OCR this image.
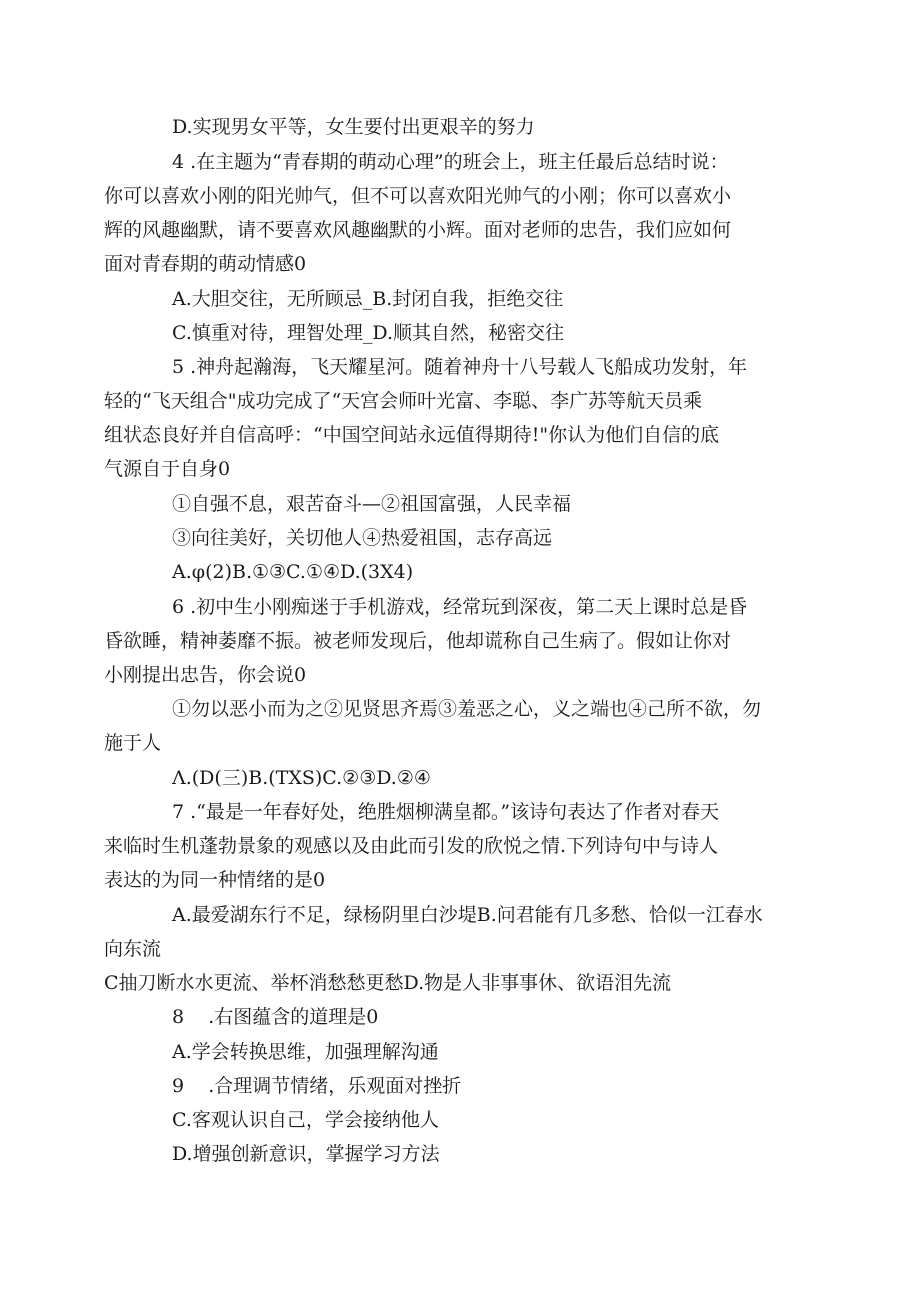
D.实现男女平等，女生要付出更艰辛的努力
4 .在主题为“青春期的萌动心理”的班会上，班主任最后总结时说：
你可以喜欢小刚的阳光帅气，但不可以喜欢阳光帅气的小刚；你可以喜欢小
辉的风趣幽默，请不要喜欢风趣幽默的小辉。面对老师的忠告，我们应如何
面对青春期的萌动情感0
A.大胆交往，无所顾忌_B.封闭自我，拒绝交往
C.慎重对待，理智处理_D.顺其自然，秘密交往
5 .神舟起瀚海，飞天耀星河。随着神舟十八号载人飞船成功发射，年
轻的“飞天组合"成功完成了“天宫会师叶光富、李聪、李广苏等航天员乘
组状态良好并自信高呼：“中国空间站永远值得期待!"你认为他们自信的底
气源自于自身0
①自强不息，艰苦奋斗—②祖国富强，人民幸福
③向往美好，关切他人④热爱祖国，志存高远
A.φ(2)B.①③C.①④D.(3X4)
6 .初中生小刚痴迷于手机游戏，经常玩到深夜，第二天上课时总是昏
昏欲睡，精神萎靡不振。被老师发现后，他却谎称自己生病了。假如让你对
小刚提出忠告，你会说0
①勿以恶小而为之②见贤思齐焉③羞恶之心，义之端也④己所不欲，勿
施于人
Λ.(D(三)B.(TXS)C.②③D.②④
7 .“最是一年春好处，绝胜烟柳满皇都。”该诗句表达了作者对春天
来临时生机蓬勃景象的观感以及由此而引发的欣悦之情.下列诗句中与诗人
表达的为同一种情绪的是0
A.最爱湖东行不足，绿杨阴里白沙堤B.问君能有几多愁、恰似一江春水
向东流
C抽刀断水水更流、举杯消愁愁更愁D.物是人非事事休、欲语泪先流
8    .右图蕴含的道理是0
A.学会转换思维，加强理解沟通
9    .合理调节情绪，乐观面对挫折
C.客观认识自己，学会接纳他人
D.增强创新意识，掌握学习方法
